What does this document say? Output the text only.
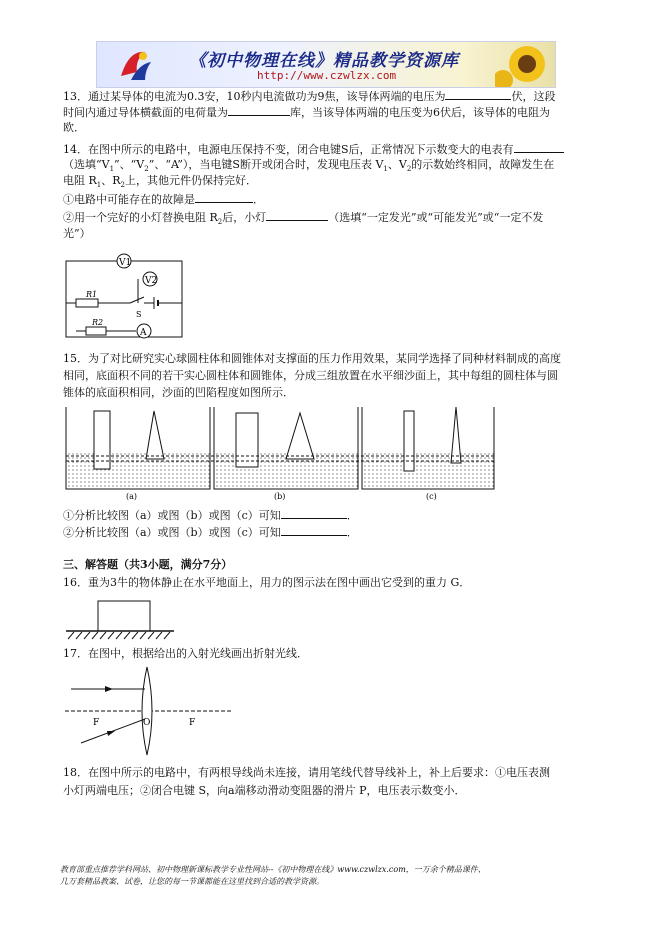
《初中物理在线》精品教学资源库
http://www.czwlzx.com
13．通过某导体的电流为0.3安，10秒内电流做功为9焦，该导体两端的电压为	伏，这段
时间内通过导体横截面的电荷量为	库，当该导体两端的电压变为6伏后，该导体的电阻为
欧．
14．在图中所示的电路中，电源电压保持不变，闭合电键S后，正常情况下示数变大的电表有
（选填“$V_1$”、“$V_2$”、“A”），当电键S断开或闭合时，发现电压表 $V_1$、$V_2$的示数始终相同，故障发生在
电阻 $R_1$、$R_2$上，其他元件仍保持完好．
①电路中可能存在的故障是	．
②用一个完好的小灯替换电阻 $R_2$后，小灯	（选填“一定发光”或“可能发光”或“一定不发
光”）
V1
V2
R1
S
R2
A
15．为了对比研究实心球圆柱体和圆锥体对支撑面的压力作用效果，某同学选择了同种材料制成的高度
相同，底面积不同的若干实心圆柱体和圆锥体，分成三组放置在水平细沙面上，其中每组的圆柱体与圆
锥体的底面积相同，沙面的凹陷程度如图所示．
(a)	(b)	(c)
①分析比较图（a）或图（b）或图（c）可知	．
②分析比较图（a）或图（b）或图（c）可知	．
三、解答题（共3小题，满分7分）
16．重为3牛的物体静止在水平地面上，用力的图示法在图中画出它受到的重力 G．
17．在图中，根据给出的入射光线画出折射光线．
F	O	F
18．在图中所示的电路中，有两根导线尚未连接，请用笔线代替导线补上，补上后要求：①电压表测
小灯两端电压；②闭合电键 S，向a端移动滑动变阻器的滑片 P，电压表示数变小．
教育部重点推荐学科网站、初中物理新课标教学专业性网站--《初中物理在线》www.czwlzx.com，一万余个精品课件、
几万套精品教案、试卷，让您的每一节课都能在这里找到合适的教学资源。
